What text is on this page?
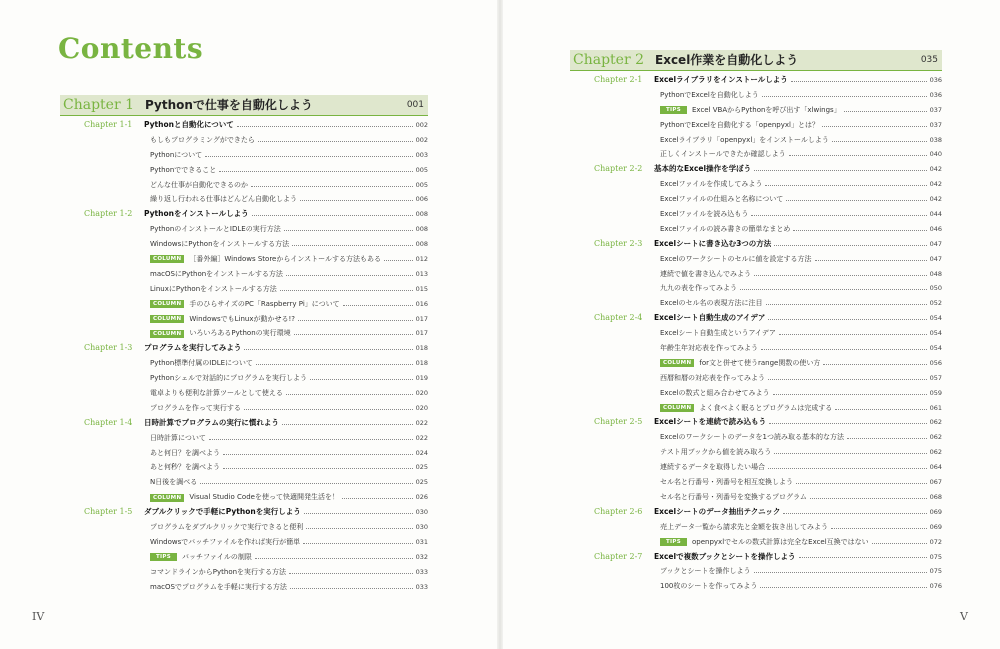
Contents
Chapter 1 Pythonで仕事を自動化しよう	001
Chapter 1-1 Pythonと自動化について	002
もしもプログラミングができたら	002
Pythonについて	003
Pythonでできること	005
どんな仕事が自動化できるのか	005
繰り返し行われる仕事はどんどん自動化しよう	006
Chapter 1-2 Pythonをインストールしよう	008
PythonのインストールとIDLEの実行方法	008
WindowsにPythonをインストールする方法	008
COLUMN	［番外編］Windows Storeからインストールする方法もある	012
macOSにPythonをインストールする方法	013
LinuxにPythonをインストールする方法	015
COLUMN	手のひらサイズのPC「Raspberry Pi」について	016
COLUMN	WindowsでもLinuxが動かせる!?	017
COLUMN	いろいろあるPythonの実行環境	017
Chapter 1-3 プログラムを実行してみよう	018
Python標準付属のIDLEについて	018
Pythonシェルで対話的にプログラムを実行しよう	019
電卓よりも便利な計算ツールとして使える	020
プログラムを作って実行する	020
Chapter 1-4 日時計算でプログラムの実行に慣れよう	022
日時計算について	022
あと何日？を調べよう	024
あと何秒？を調べよう	025
N日後を調べる	025
COLUMN	Visual Studio Codeを使って快適開発生活を！	026
Chapter 1-5 ダブルクリックで手軽にPythonを実行しよう	030
プログラムをダブルクリックで実行できると便利	030
Windowsでバッチファイルを作れば実行が簡単	031
TIPS	バッチファイルの制限	032
コマンドラインからPythonを実行する方法	033
macOSでプログラムを手軽に実行する方法	033
Chapter 2 Excel作業を自動化しよう	035
Chapter 2-1 Excelライブラリをインストールしよう	036
PythonでExcelを自動化しよう	036
TIPS	Excel VBAからPythonを呼び出す「xlwings」	037
PythonでExcelを自動化する「openpyxl」とは？	037
Excelライブラリ「openpyxl」をインストールしよう	038
正しくインストールできたか確認しよう	040
Chapter 2-2 基本的なExcel操作を学ぼう	042
Excelファイルを作成してみよう	042
Excelファイルの仕組みと名称について	042
Excelファイルを読み込もう	044
Excelファイルの読み書きの簡単なまとめ	046
Chapter 2-3 Excelシートに書き込む3つの方法	047
Excelのワークシートのセルに値を設定する方法	047
連続で値を書き込んでみよう	048
九九の表を作ってみよう	050
Excelのセル名の表現方法に注目	052
Chapter 2-4 Excelシート自動生成のアイデア	054
Excelシート自動生成というアイデア	054
年齢生年対応表を作ってみよう	054
COLUMN	for文と併せて使うrange関数の使い方	056
西暦和暦の対応表を作ってみよう	057
Excelの数式と組み合わせてみよう	059
COLUMN	よく食べよく眠るとプログラムは完成する	061
Chapter 2-5 Excelシートを連続で読み込もう	062
Excelのワークシートのデータを1つ読み取る基本的な方法	062
テスト用ブックから値を読み取ろう	062
連続するデータを取得したい場合	064
セル名と行番号・列番号を相互変換しよう	067
セル名と行番号・列番号を変換するプログラム	068
Chapter 2-6 Excelシートのデータ抽出テクニック	069
売上データ一覧から請求先と金額を抜き出してみよう	069
TIPS	openpyxlでセルの数式計算は完全なExcel互換ではない	072
Chapter 2-7 Excelで複数ブックとシートを操作しよう	075
ブックとシートを操作しよう	075
100枚のシートを作ってみよう	076
IV	V
